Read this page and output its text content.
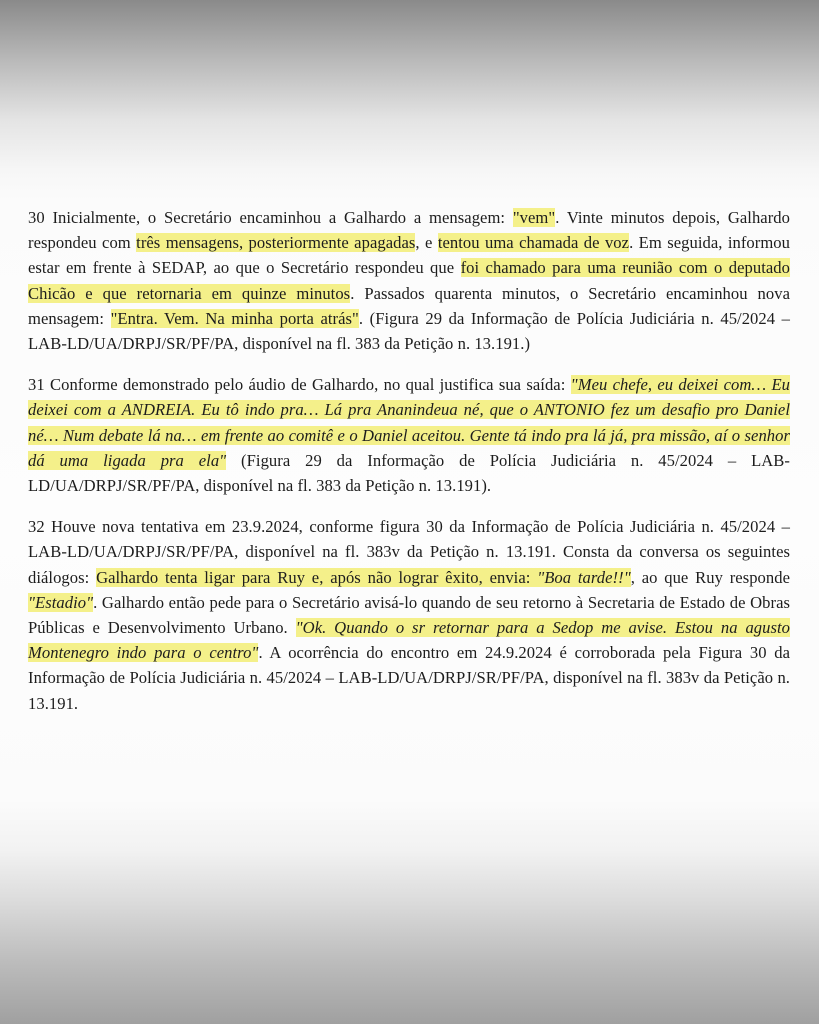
30 Inicialmente, o Secretário encaminhou a Galhardo a mensagem: "vem". Vinte minutos depois, Galhardo respondeu com três mensagens, posteriormente apagadas, e tentou uma chamada de voz. Em seguida, informou estar em frente à SEDAP, ao que o Secretário respondeu que foi chamado para uma reunião com o deputado Chicão e que retornaria em quinze minutos. Passados quarenta minutos, o Secretário encaminhou nova mensagem: "Entra. Vem. Na minha porta atrás". (Figura 29 da Informação de Polícia Judiciária n. 45/2024 – LAB-LD/UA/DRPJ/SR/PF/PA, disponível na fl. 383 da Petição n. 13.191.)

31 Conforme demonstrado pelo áudio de Galhardo, no qual justifica sua saída: "Meu chefe, eu deixei com… Eu deixei com a ANDREIA. Eu tô indo pra… Lá pra Ananindeua né, que o ANTONIO fez um desafio pro Daniel né… Num debate lá na… em frente ao comitê e o Daniel aceitou. Gente tá indo pra lá já, pra missão, aí o senhor dá uma ligada pra ela" (Figura 29 da Informação de Polícia Judiciária n. 45/2024 – LAB-LD/UA/DRPJ/SR/PF/PA, disponível na fl. 383 da Petição n. 13.191).

32 Houve nova tentativa em 23.9.2024, conforme figura 30 da Informação de Polícia Judiciária n. 45/2024 – LAB-LD/UA/DRPJ/SR/PF/PA, disponível na fl. 383v da Petição n. 13.191. Consta da conversa os seguintes diálogos: Galhardo tenta ligar para Ruy e, após não lograr êxito, envia: "Boa tarde!!", ao que Ruy responde "Estadio". Galhardo então pede para o Secretário avisá-lo quando de seu retorno à Secretaria de Estado de Obras Públicas e Desenvolvimento Urbano. "Ok. Quando o sr retornar para a Sedop me avise. Estou na agusto Montenegro indo para o centro". A ocorrência do encontro em 24.9.2024 é corroborada pela Figura 30 da Informação de Polícia Judiciária n. 45/2024 – LAB-LD/UA/DRPJ/SR/PF/PA, disponível na fl. 383v da Petição n. 13.191.
